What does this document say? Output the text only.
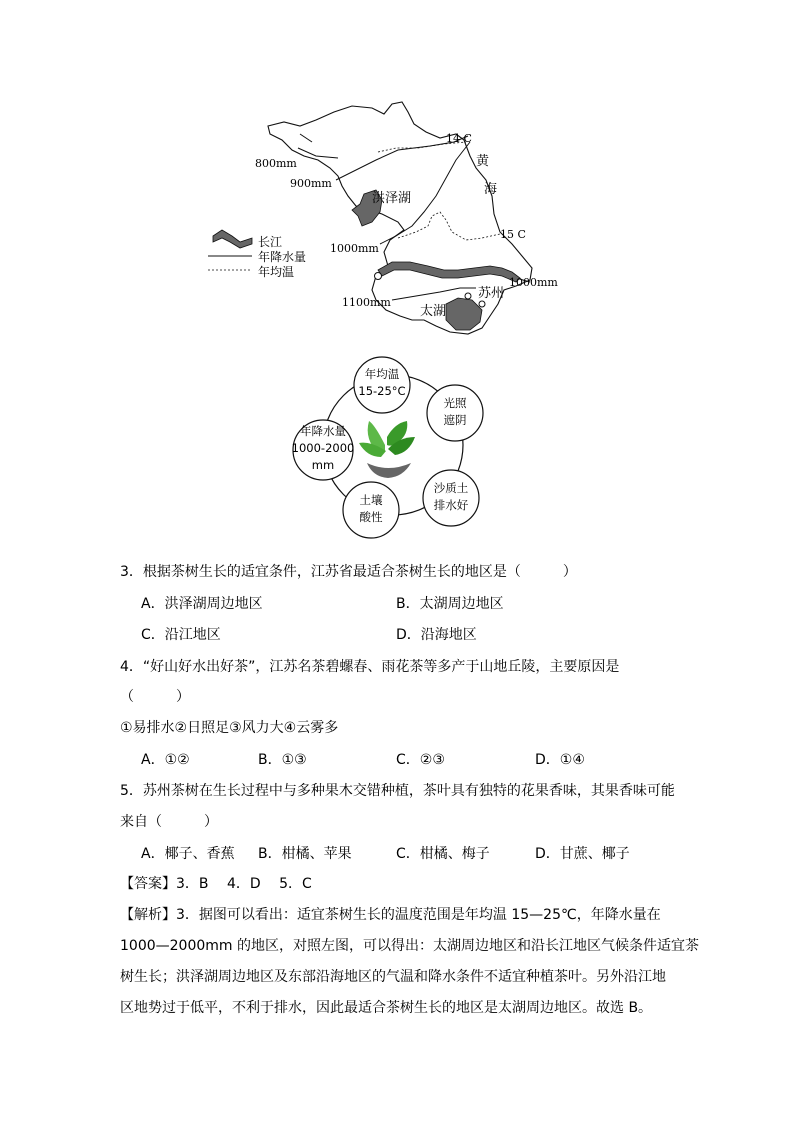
14 C
黄
海
800mm
900mm
洪泽湖
1000mm
15 C
1000mm
苏州
1100mm
太湖
长江
年降水量
年均温
年均温
15-25°C
光照
遮阴
年降水量
1000-2000
mm
土壤
酸性
沙质土
排水好
3．根据茶树生长的适宜条件，江苏省最适合茶树生长的地区是（　　　）
A．洪泽湖周边地区	B．太湖周边地区
C．沿江地区	D．沿海地区
4．“好山好水出好茶”，江苏名茶碧螺春、雨花茶等多产于山地丘陵，主要原因是
（　　　）
①易排水②日照足③风力大④云雾多
A．①②	B．①③	C．②③	D．①④
5．苏州茶树在生长过程中与多种果木交错种植，茶叶具有独特的花果香味，其果香味可能
来自（　　　）
A．椰子、香蕉 B．柑橘、苹果	C．柑橘、梅子	D．甘蔗、椰子
【答案】3．B　 4．D　 5．C
【解析】3．据图可以看出：适宜茶树生长的温度范围是年均温 15—25℃，年降水量在
1000—2000mm 的地区，对照左图，可以得出：太湖周边地区和沿长江地区气候条件适宜茶
树生长；洪泽湖周边地区及东部沿海地区的气温和降水条件不适宜种植茶叶。另外沿江地
区地势过于低平，不利于排水，因此最适合茶树生长的地区是太湖周边地区。故选 B。
